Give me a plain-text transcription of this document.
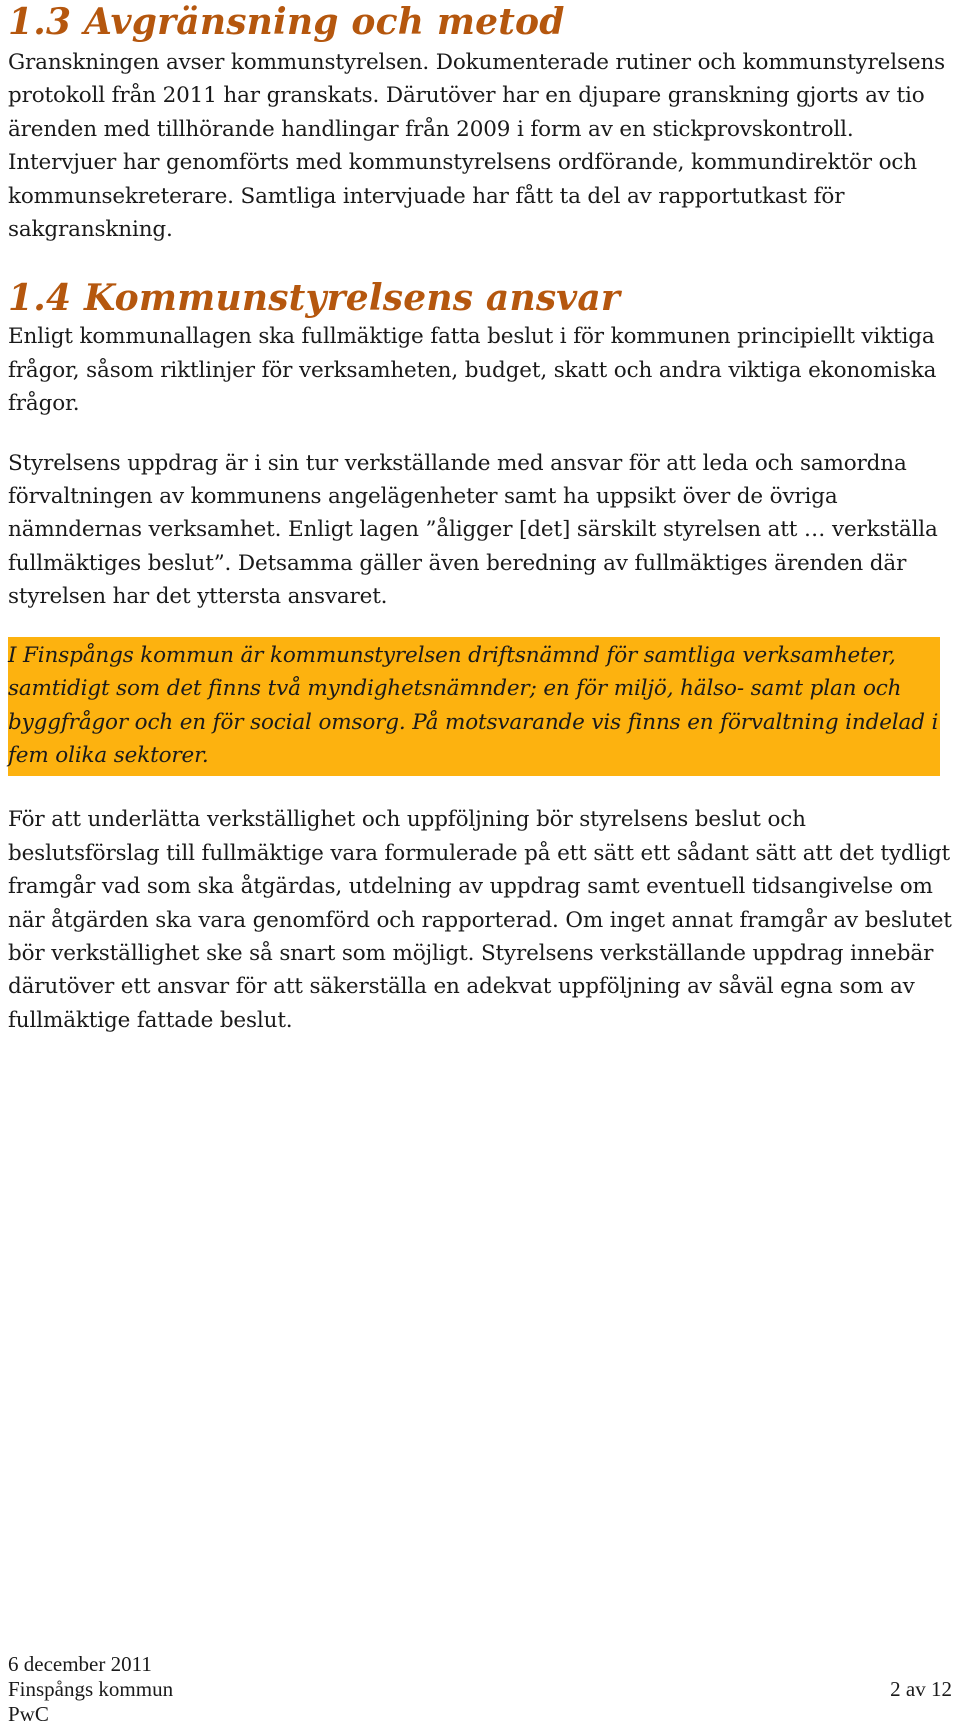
1.3 Avgränsning och metod

Granskningen avser kommunstyrelsen. Dokumenterade rutiner och kommunstyrelsens protokoll från 2011 har granskats. Därutöver har en djupare granskning gjorts av tio ärenden med tillhörande handlingar från 2009 i form av en stickprovskontroll. Intervjuer har genomförts med kommunstyrelsens ordförande, kommundirektör och kommunsekreterare. Samtliga intervjuade har fått ta del av rapportutkast för sakgranskning.

1.4 Kommunstyrelsens ansvar

Enligt kommunallagen ska fullmäktige fatta beslut i för kommunen principiellt viktiga frågor, såsom riktlinjer för verksamheten, budget, skatt och andra viktiga ekonomiska frågor.

Styrelsens uppdrag är i sin tur verkställande med ansvar för att leda och samordna förvaltningen av kommunens angelägenheter samt ha uppsikt över de övriga nämndernas verksamhet. Enligt lagen ”åligger [det] särskilt styrelsen att … verkställa fullmäktiges beslut”. Detsamma gäller även beredning av fullmäktiges ärenden där styrelsen har det yttersta ansvaret.

I Finspångs kommun är kommunstyrelsen driftsnämnd för samtliga verksamheter, samtidigt som det finns två myndighetsnämnder; en för miljö, hälso- samt plan och byggfrågor och en för social omsorg. På motsvarande vis finns en förvaltning indelad i fem olika sektorer.

För att underlätta verkställighet och uppföljning bör styrelsens beslut och beslutsförslag till fullmäktige vara formulerade på ett sätt ett sådant sätt att det tydligt framgår vad som ska åtgärdas, utdelning av uppdrag samt eventuell tidsangivelse om när åtgärden ska vara genomförd och rapporterad. Om inget annat framgår av beslutet bör verkställighet ske så snart som möjligt. Styrelsens verkställande uppdrag innebär därutöver ett ansvar för att säkerställa en adekvat uppföljning av såväl egna som av fullmäktige fattade beslut.

6 december 2011
Finspångs kommun
PwC
2 av 12
